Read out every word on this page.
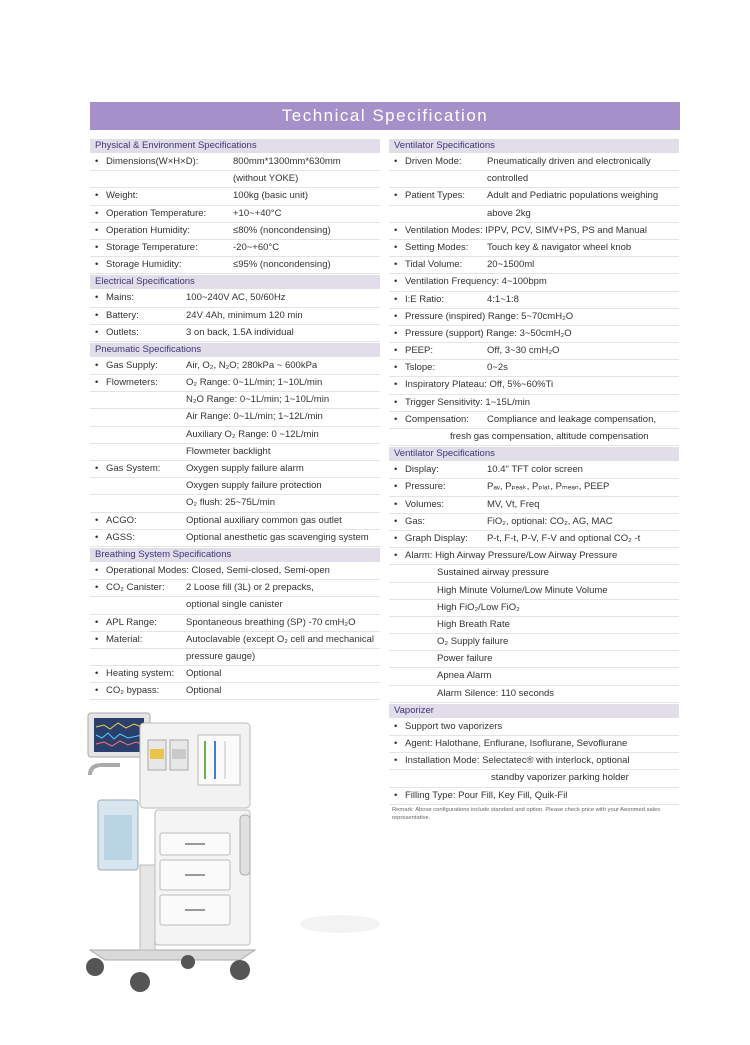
Technical Specification
Physical & Environment Specifications
• Dimensions(W×H×D):	800mm*1300mm*630mm
(without YOKE)
• Weight:	100kg (basic unit)
• Operation Temperature:	+10~+40°C
• Operation Humidity:	≤80% (noncondensing)
• Storage Temperature:	-20~+60°C
• Storage Humidity:	≤95% (noncondensing)
Electrical Specifications
• Mains:	100~240V AC, 50/60Hz
• Battery:	24V 4Ah, minimum 120 min
• Outlets:	3 on back, 1.5A individual
Pneumatic Specifications
• Gas Supply:	Air, O₂, N₂O; 280kPa ~ 600kPa
• Flowmeters:	O₂ Range: 0~1L/min; 1~10L/min
N₂O Range: 0~1L/min; 1~10L/min
Air Range: 0~1L/min; 1~12L/min
Auxiliary O₂ Range: 0 ~12L/min
Flowmeter backlight
• Gas System:	Oxygen supply failure alarm
Oxygen supply failure protection
O₂ flush: 25~75L/min
• ACGO:	Optional auxiliary common gas outlet
• AGSS:	Optional anesthetic gas scavenging system
Breathing System Specifications
• Operational Modes: Closed, Semi-closed, Semi-open
• CO₂ Canister: 2 Loose fill (3L) or 2 prepacks,
optional single canister
• APL Range:	Spontaneous breathing (SP) -70 cmH₂O
• Material:	Autoclavable (except O₂ cell and mechanical
pressure gauge)
• Heating system: Optional
• CO₂ bypass:	Optional
Ventilator Specifications
• Driven Mode:	Pneumatically driven and electronically
controlled
• Patient Types: Adult and Pediatric populations weighing
above 2kg
• Ventilation Modes: IPPV, PCV, SIMV+PS, PS and Manual
• Setting Modes: Touch key & navigator wheel knob
• Tidal Volume:	20~1500ml
• Ventilation Frequency: 4~100bpm
• I:E Ratio:	4:1~1:8
• Pressure (inspired) Range: 5~70cmH₂O
• Pressure (support) Range: 3~50cmH₂O
• PEEP:	Off, 3~30 cmH₂O
• Tslope:	0~2s
• Inspiratory Plateau: Off, 5%~60%Ti
• Trigger Sensitivity: 1~15L/min
• Compensation: Compliance and leakage compensation,
fresh gas compensation, altitude compensation
Ventilator Specifications
• Display:	10.4" TFT color screen
• Pressure:	Pₐᵥ, Pₚₑₐₖ, Pₚₗₐₜ, Pₘₑₐₙ, PEEP
• Volumes:	MV, Vt, Freq
• Gas:	FiO₂, optional: CO₂, AG, MAC
• Graph Display: P-t, F-t, P-V, F-V and optional CO₂ -t
• Alarm: High Airway Pressure/Low Airway Pressure
Sustained airway pressure
High Minute Volume/Low Minute Volume
High FiO₂/Low FiO₂
High Breath Rate
O₂ Supply failure
Power failure
Apnea Alarm
Alarm Silence: 110 seconds
Vaporizer
• Support two vaporizers
• Agent: Halothane, Enflurane, Isoflurane, Sevoflurane
• Installation Mode: Selectatec® with interlock, optional
standby vaporizer parking holder
• Filling Type: Pour Fill, Key Fill, Quik-Fil
Remark: Above configurations include standard and option. Please check price with your Aeonmed sales representative.
